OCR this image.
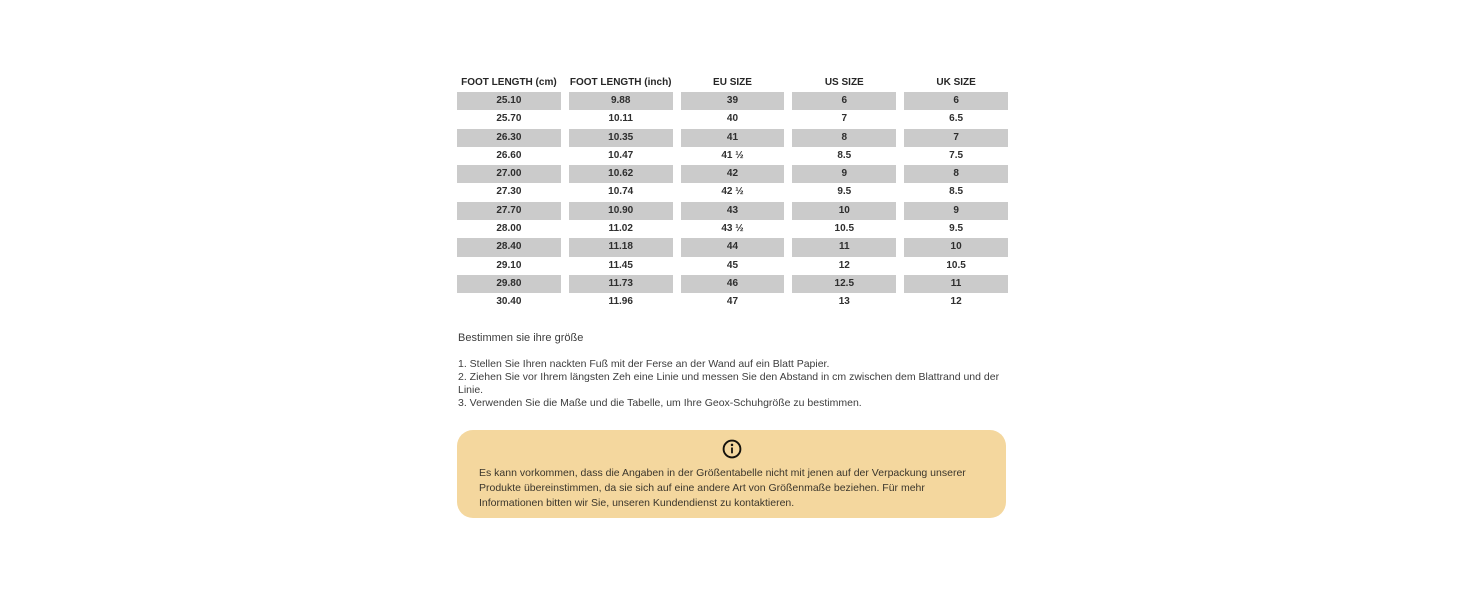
FOOT LENGTH (cm)	FOOT LENGTH (inch)	EU SIZE	US SIZE	UK SIZE
25.10	9.88	39	6	6
25.70	10.11	40	7	6.5
26.30	10.35	41	8	7
26.60	10.47	41 ½	8.5	7.5
27.00	10.62	42	9	8
27.30	10.74	42 ½	9.5	8.5
27.70	10.90	43	10	9
28.00	11.02	43 ½	10.5	9.5
28.40	11.18	44	11	10
29.10	11.45	45	12	10.5
29.80	11.73	46	12.5	11
30.40	11.96	47	13	12
Bestimmen sie ihre größe
1. Stellen Sie Ihren nackten Fuß mit der Ferse an der Wand auf ein Blatt Papier.
2. Ziehen Sie vor Ihrem längsten Zeh eine Linie und messen Sie den Abstand in cm zwischen dem Blattrand und der Linie.
3. Verwenden Sie die Maße und die Tabelle, um Ihre Geox-Schuhgröße zu bestimmen.
Es kann vorkommen, dass die Angaben in der Größentabelle nicht mit jenen auf der Verpackung unserer Produkte übereinstimmen, da sie sich auf eine andere Art von Größenmaße beziehen. Für mehr Informationen bitten wir Sie, unseren Kundendienst zu kontaktieren.
